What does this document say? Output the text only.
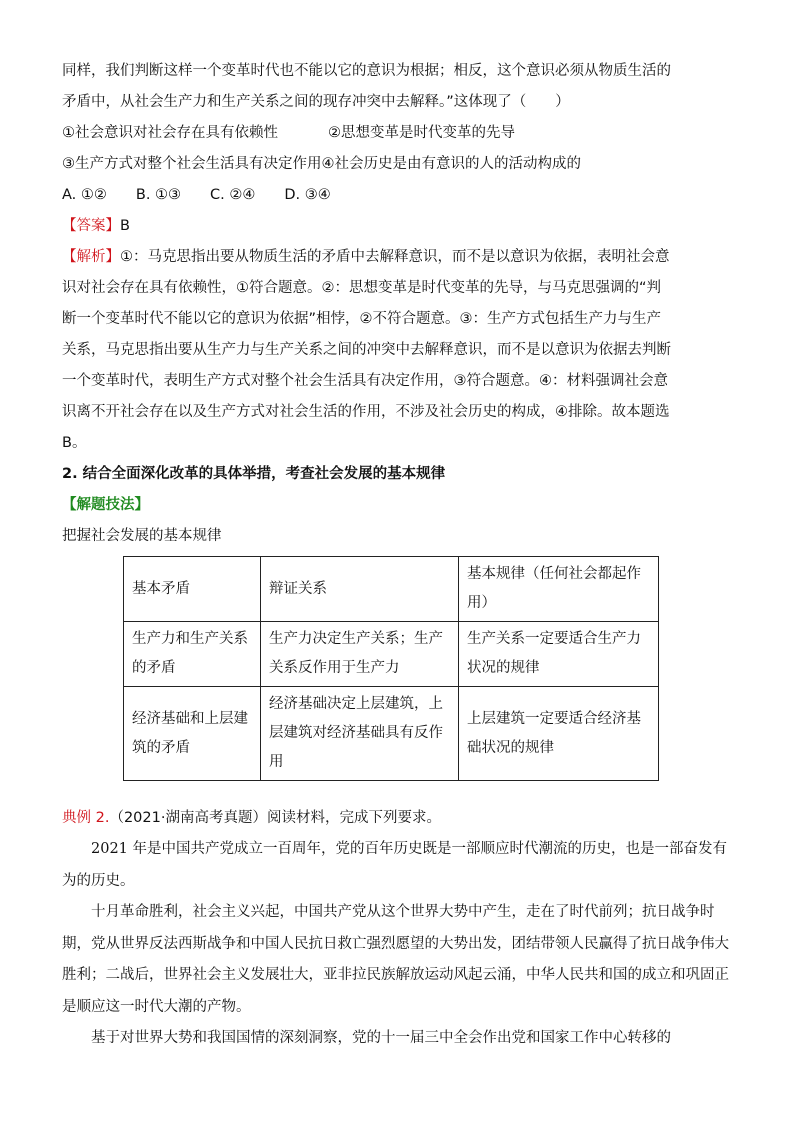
同样，我们判断这样一个变革时代也不能以它的意识为根据；相反，这个意识必须从物质生活的
矛盾中，从社会生产力和生产关系之间的现存冲突中去解释。”这体现了（　　）
①社会意识对社会存在具有依赖性	②思想变革是时代变革的先导
③生产方式对整个社会生活具有决定作用④社会历史是由有意识的人的活动构成的
A. ①②　　B. ①③　　C. ②④　　D. ③④
【答案】B
【解析】①：马克思指出要从物质生活的矛盾中去解释意识，而不是以意识为依据，表明社会意
识对社会存在具有依赖性，①符合题意。②：思想变革是时代变革的先导，与马克思强调的“判
断一个变革时代不能以它的意识为依据”相悖，②不符合题意。③：生产方式包括生产力与生产
关系，马克思指出要从生产力与生产关系之间的冲突中去解释意识，而不是以意识为依据去判断
一个变革时代，表明生产方式对整个社会生活具有决定作用，③符合题意。④：材料强调社会意
识离不开社会存在以及生产方式对社会生活的作用，不涉及社会历史的构成，④排除。故本题选
B。
2. 结合全面深化改革的具体举措，考查社会发展的基本规律
【解题技法】
把握社会发展的基本规律
基本矛盾	辩证关系	基本规律（任何社会都起作用）
生产力和生产关系的矛盾	生产力决定生产关系；生产关系反作用于生产力	生产关系一定要适合生产力状况的规律
经济基础和上层建筑的矛盾	经济基础决定上层建筑，上层建筑对经济基础具有反作用	上层建筑一定要适合经济基础状况的规律
典例 2.（2021·湖南高考真题）阅读材料，完成下列要求。

2021 年是中国共产党成立一百周年，党的百年历史既是一部顺应时代潮流的历史，也是一部奋发有为的历史。

十月革命胜利，社会主义兴起，中国共产党从这个世界大势中产生，走在了时代前列；抗日战争时期，党从世界反法西斯战争和中国人民抗日救亡强烈愿望的大势出发，团结带领人民赢得了抗日战争伟大胜利；二战后，世界社会主义发展壮大，亚非拉民族解放运动风起云涌，中华人民共和国的成立和巩固正是顺应这一时代大潮的产物。

基于对世界大势和我国国情的深刻洞察，党的十一届三中全会作出党和国家工作中心转移的
